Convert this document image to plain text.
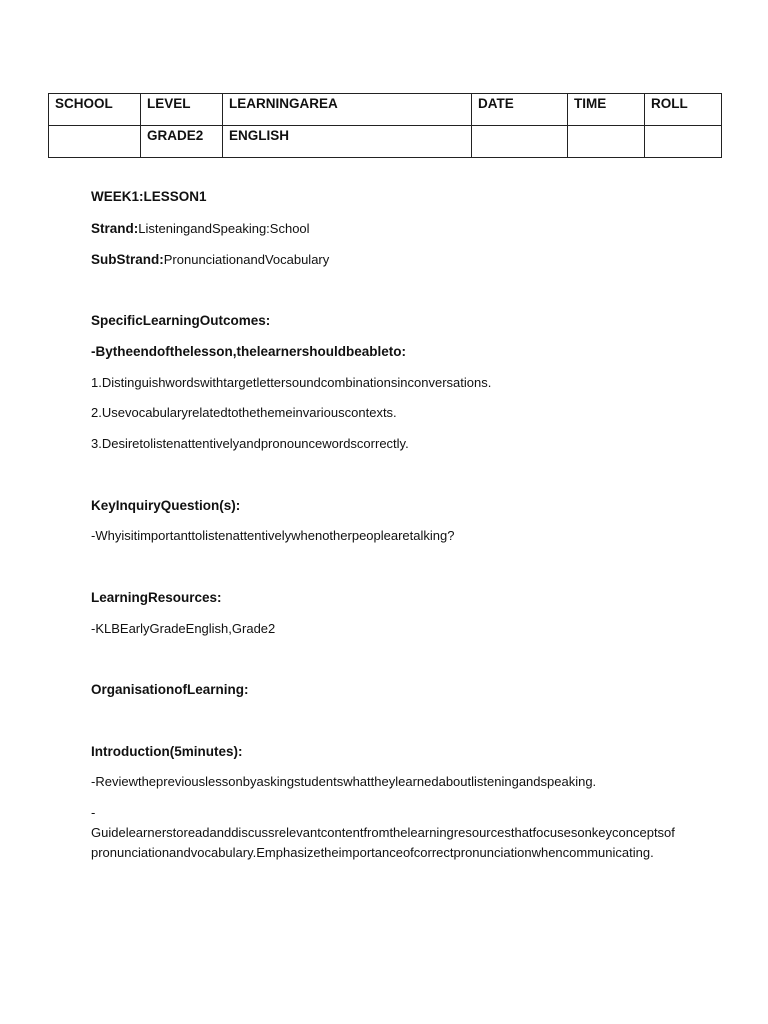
SCHOOL	LEVEL	LEARNINGAREA	DATE	TIME	ROLL
	GRADE2	ENGLISH			
WEEK1:LESSON1
Strand:ListeningandSpeaking:School
SubStrand:PronunciationandVocabulary
SpecificLearningOutcomes:
-Bytheendofthelesson,thelearnershouldbeableto:
1.Distinguishwordswithtargetlettersoundcombinationsinconversations.
2.Usevocabularyrelatedtothethemeinvariouscontexts.
3.Desiretolistenattentivelyandpronouncewordscorrectly.
KeyInquiryQuestion(s):
-Whyisitimportanttolistenattentivelywhenotherpeoplearetalking?
LearningResources:
-KLBEarlyGradeEnglish,Grade2
OrganisationofLearning:
Introduction(5minutes):
-Reviewthepreviouslessonbyaskingstudentswhattheylearnedaboutlisteningandspeaking.
-
Guidelearnerstoreadanddiscussrelevantcontentfromthelearningresourcesthatfocusesonkeyconceptsofpronunciationandvocabulary.Emphasizetheimportanceofcorrectpronunciationwhencommunicating.
